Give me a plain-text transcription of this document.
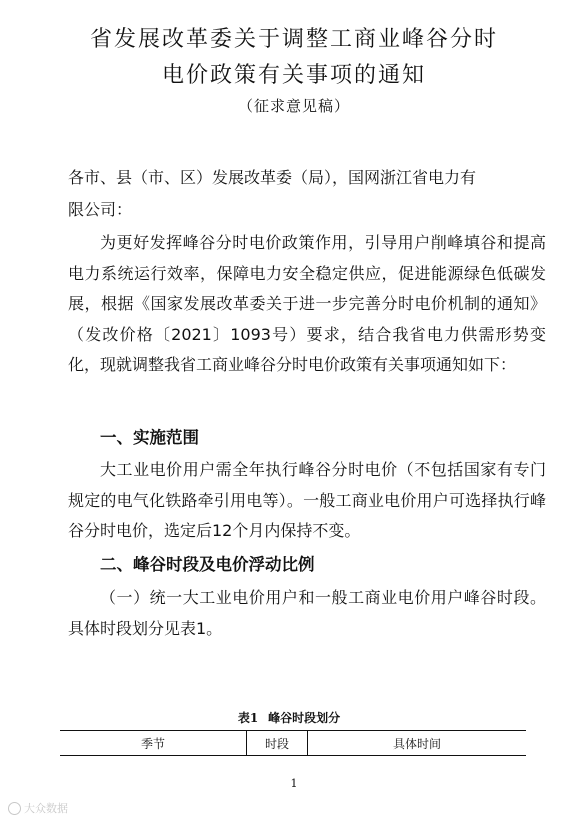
省发展改革委关于调整工商业峰谷分时
电价政策有关事项的通知
（征求意见稿）
各市、县（市、区）发展改革委（局），国网浙江省电力有
限公司：
为更好发挥峰谷分时电价政策作用，引导用户削峰填谷和提高电力系统运行效率，保障电力安全稳定供应，促进能源绿色低碳发展，根据《国家发展改革委关于进一步完善分时电价机制的通知》（发改价格〔2021〕1093号）要求，结合我省电力供需形势变化，现就调整我省工商业峰谷分时电价政策有关事项通知如下：
一、实施范围
大工业电价用户需全年执行峰谷分时电价（不包括国家有专门规定的电气化铁路牵引用电等）。一般工商业电价用户可选择执行峰谷分时电价，选定后12个月内保持不变。
二、峰谷时段及电价浮动比例
（一）统一大工业电价用户和一般工商业电价用户峰谷时段。具体时段划分见表1。
表1 峰谷时段划分
季节	时段	具体时间
1
大众数据
